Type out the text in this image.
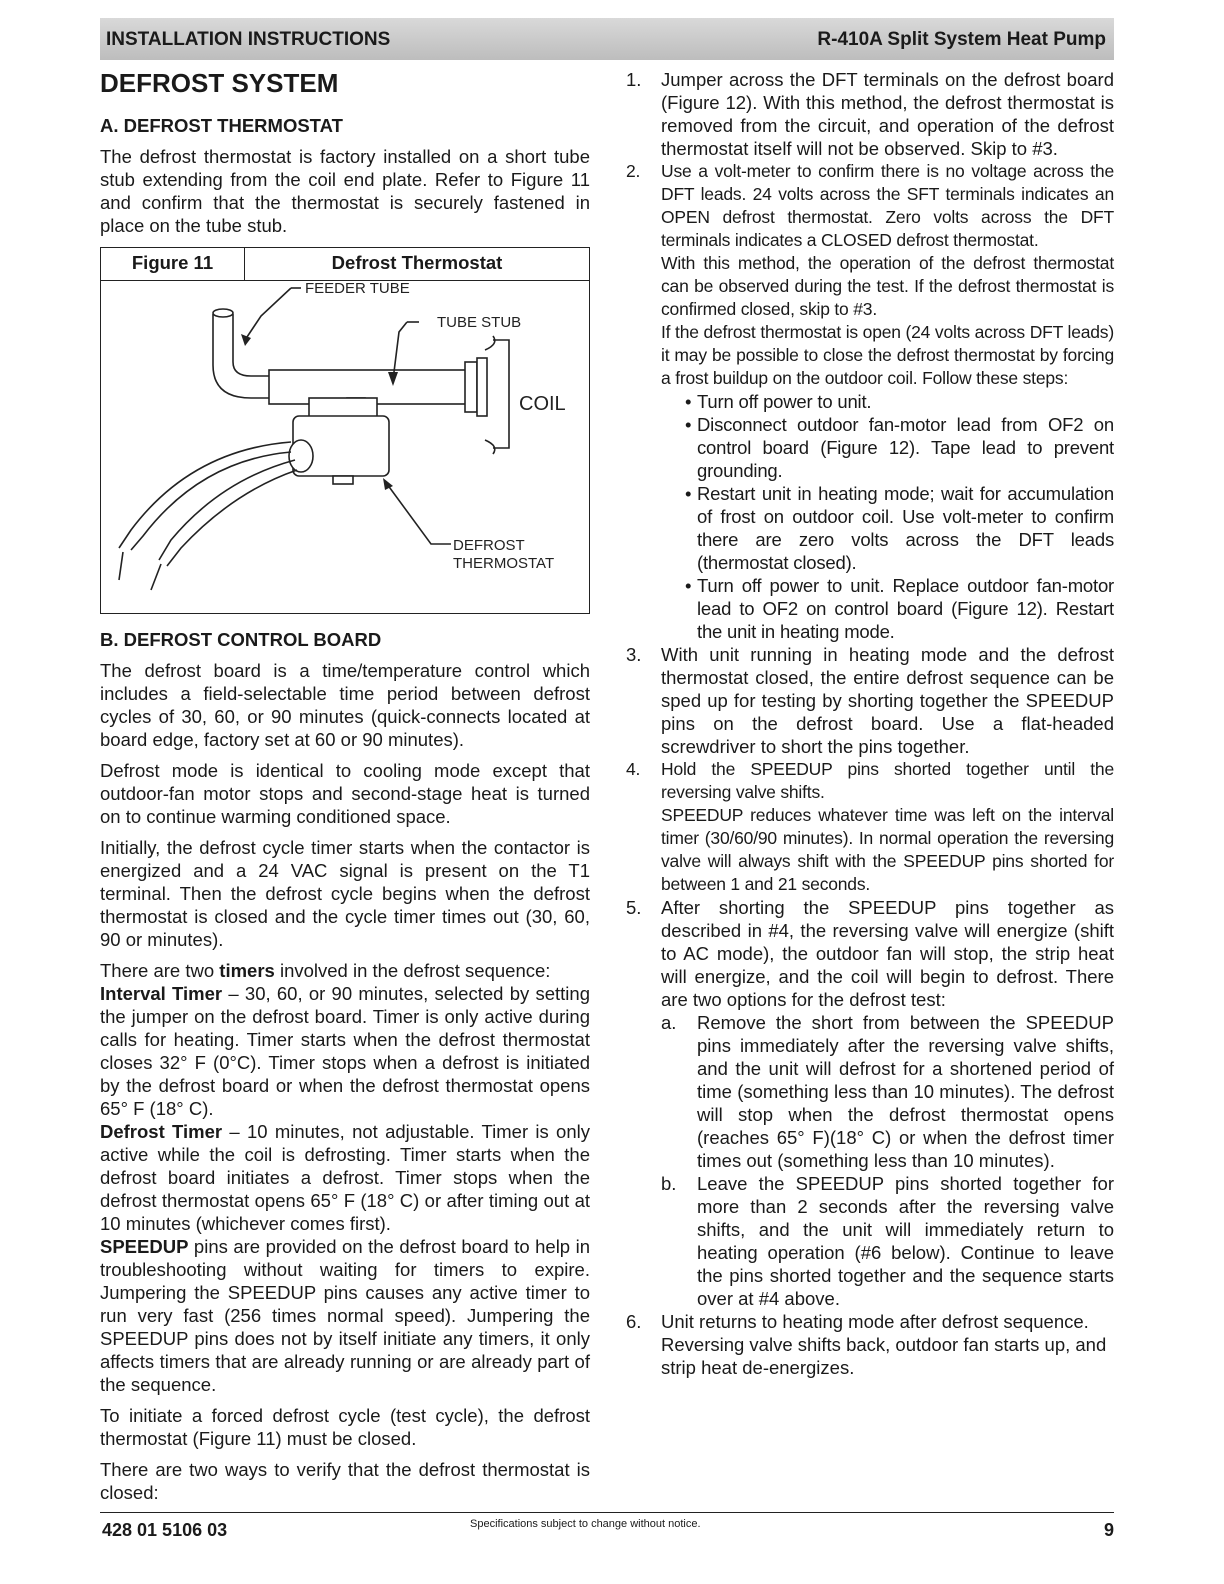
INSTALLATION INSTRUCTIONS	R-410A Split System Heat Pump
DEFROST SYSTEM
A. DEFROST THERMOSTAT

The defrost thermostat is factory installed on a short tube stub extending from the coil end plate. Refer to Figure 11 and confirm that the thermostat is securely fastened in place on the tube stub.

Figure 11	Defrost Thermostat
FEEDER TUBE
TUBE STUB
COIL
DEFROST
THERMOSTAT
B. DEFROST CONTROL BOARD

The defrost board is a time/temperature control which includes a field-selectable time period between defrost cycles of 30, 60, or 90 minutes (quick-connects located at board edge, factory set at 60 or 90 minutes).

Defrost mode is identical to cooling mode except that outdoor-fan motor stops and second-stage heat is turned on to continue warming conditioned space.

Initially, the defrost cycle timer starts when the contactor is energized and a 24 VAC signal is present on the T1 terminal. Then the defrost cycle begins when the defrost thermostat is closed and the cycle timer times out (30, 60, 90 or minutes).

There are two timers involved in the defrost sequence:

Interval Timer – 30, 60, or 90 minutes, selected by setting the jumper on the defrost board. Timer is only active during calls for heating. Timer starts when the defrost thermostat closes 32° F (0°C). Timer stops when a defrost is initiated by the defrost board or when the defrost thermostat opens 65° F (18° C).

Defrost Timer – 10 minutes, not adjustable. Timer is only active while the coil is defrosting. Timer starts when the defrost board initiates a defrost. Timer stops when the defrost thermostat opens 65° F (18° C) or after timing out at 10 minutes (whichever comes first).

SPEEDUP pins are provided on the defrost board to help in troubleshooting without waiting for timers to expire. Jumpering the SPEEDUP pins causes any active timer to run very fast (256 times normal speed). Jumpering the SPEEDUP pins does not by itself initiate any timers, it only affects timers that are already running or are already part of the sequence.

To initiate a forced defrost cycle (test cycle), the defrost thermostat (Figure 11) must be closed.

There are two ways to verify that the defrost thermostat is closed:

1. Jumper across the DFT terminals on the defrost board (Figure 12). With this method, the defrost thermostat is removed from the circuit, and operation of the defrost thermostat itself will not be observed. Skip to #3.
2. Use a volt-meter to confirm there is no voltage across the DFT leads. 24 volts across the SFT terminals indicates an OPEN defrost thermostat. Zero volts across the DFT terminals indicates a CLOSED defrost thermostat.
With this method, the operation of the defrost thermostat can be observed during the test. If the defrost thermostat is confirmed closed, skip to #3.
If the defrost thermostat is open (24 volts across DFT leads) it may be possible to close the defrost thermostat by forcing a frost buildup on the outdoor coil. Follow these steps:
• Turn off power to unit.
• Disconnect outdoor fan-motor lead from OF2 on control board (Figure 12). Tape lead to prevent grounding.
• Restart unit in heating mode; wait for accumulation of frost on outdoor coil. Use volt-meter to confirm there are zero volts across the DFT leads (thermostat closed).
• Turn off power to unit. Replace outdoor fan-motor lead to OF2 on control board (Figure 12). Restart the unit in heating mode.
3. With unit running in heating mode and the defrost thermostat closed, the entire defrost sequence can be sped up for testing by shorting together the SPEEDUP pins on the defrost board. Use a flat-headed screwdriver to short the pins together.
4. Hold the SPEEDUP pins shorted together until the reversing valve shifts.
SPEEDUP reduces whatever time was left on the interval timer (30/60/90 minutes). In normal operation the reversing valve will always shift with the SPEEDUP pins shorted for between 1 and 21 seconds.
5. After shorting the SPEEDUP pins together as described in #4, the reversing valve will energize (shift to AC mode), the outdoor fan will stop, the strip heat will energize, and the coil will begin to defrost. There are two options for the defrost test:
a. Remove the short from between the SPEEDUP pins immediately after the reversing valve shifts, and the unit will defrost for a shortened period of time (something less than 10 minutes). The defrost will stop when the defrost thermostat opens (reaches 65° F)(18° C) or when the defrost timer times out (something less than 10 minutes).
b. Leave the SPEEDUP pins shorted together for more than 2 seconds after the reversing valve shifts, and the unit will immediately return to heating operation (#6 below). Continue to leave the pins shorted together and the sequence starts over at #4 above.
6. Unit returns to heating mode after defrost sequence. Reversing valve shifts back, outdoor fan starts up, and strip heat de-energizes.
428 01 5106 03	Specifications subject to change without notice.	9
